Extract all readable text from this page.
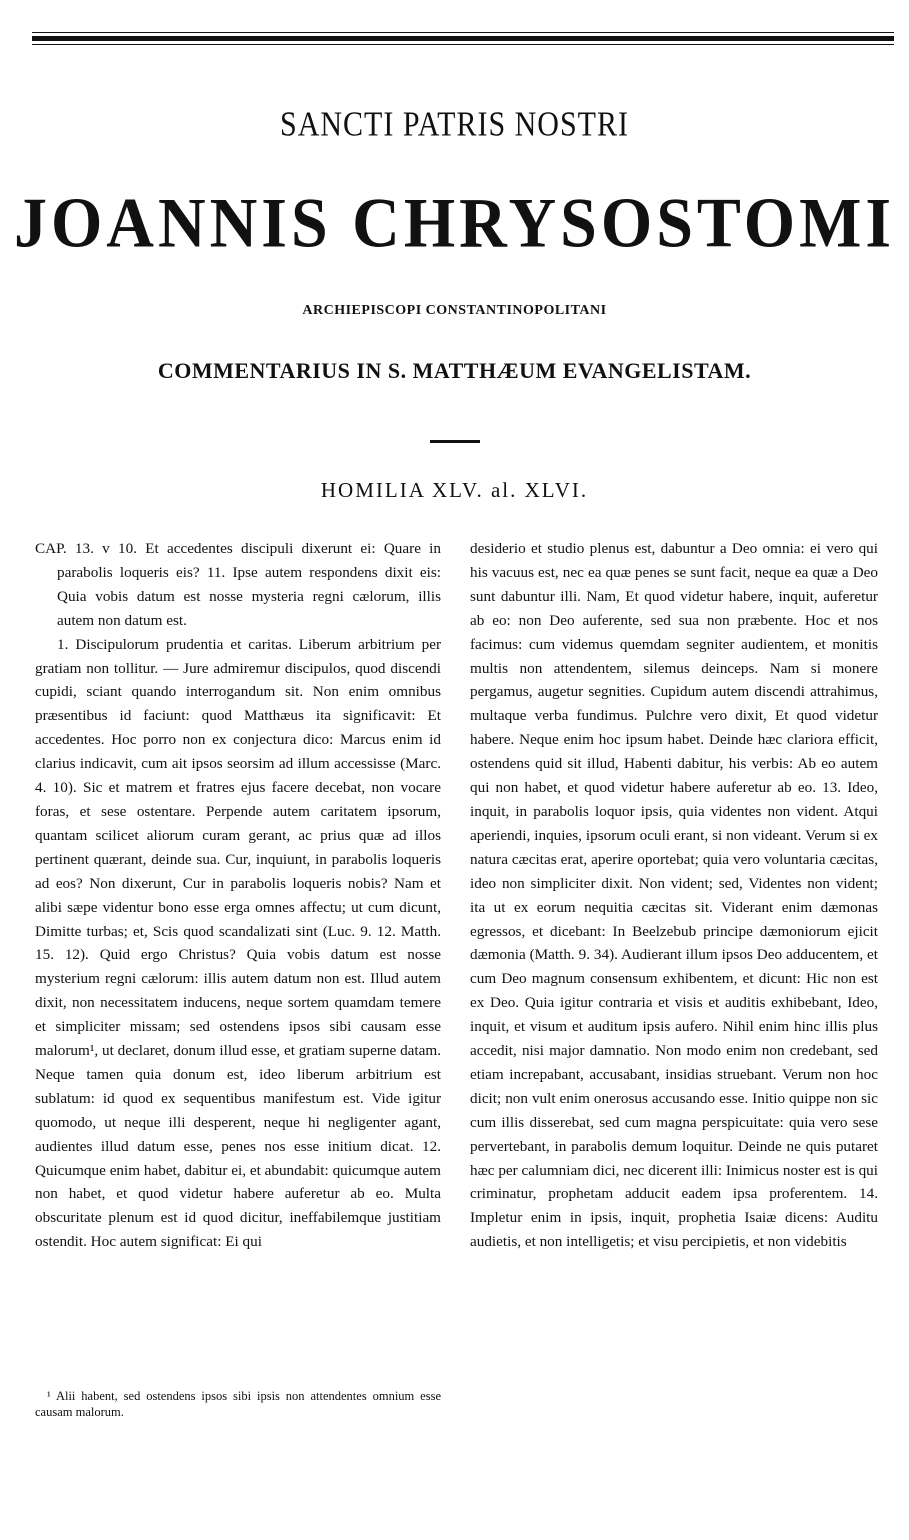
SANCTI PATRIS NOSTRI
JOANNIS CHRYSOSTOMI
ARCHIEPISCOPI CONSTANTINOPOLITANI
COMMENTARIUS IN S. MATTHÆUM EVANGELISTAM.
HOMILIA XLV. al. XLVI.

CAP. 13. v 10. Et accedentes discipuli dixerunt ei: Quare in parabolis loqueris eis? 11. Ipse autem respondens dixit eis: Quia vobis datum est nosse mysteria regni cælorum, illis autem non datum est.

1. Discipulorum prudentia et caritas. Liberum arbitrium per gratiam non tollitur. — Jure admiremur discipulos, quod discendi cupidi, sciant quando interrogandum sit. Non enim omnibus præsentibus id faciunt: quod Matthæus ita significavit: Et accedentes. Hoc porro non ex conjectura dico: Marcus enim id clarius indicavit, cum ait ipsos seorsim ad illum accessisse (Marc. 4. 10). Sic et matrem et fratres ejus facere decebat, non vocare foras, et sese ostentare. Perpende autem caritatem ipsorum, quantam scilicet aliorum curam gerant, ac prius quæ ad illos pertinent quærant, deinde sua. Cur, inquiunt, in parabolis loqueris ad eos? Non dixerunt, Cur in parabolis loqueris nobis? Nam et alibi sæpe videntur bono esse erga omnes affectu; ut cum dicunt, Dimitte turbas; et, Scis quod scandalizati sint (Luc. 9. 12. Matth. 15. 12). Quid ergo Christus? Quia vobis datum est nosse mysterium regni cælorum: illis autem datum non est. Illud autem dixit, non necessitatem inducens, neque sortem quamdam temere et simpliciter missam; sed ostendens ipsos sibi causam esse malorum¹, ut declaret, donum illud esse, et gratiam superne datam. Neque tamen quia donum est, ideo liberum arbitrium est sublatum: id quod ex sequentibus manifestum est. Vide igitur quomodo, ut neque illi desperent, neque hi negligenter agant, audientes illud datum esse, penes nos esse initium dicat. 12. Quicumque enim habet, dabitur ei, et abundabit: quicumque autem non habet, et quod videtur habere auferetur ab eo. Multa obscuritate plenum est id quod dicitur, ineffabilemque justitiam ostendit. Hoc autem significat: Ei qui

desiderio et studio plenus est, dabuntur a Deo omnia: ei vero qui his vacuus est, nec ea quæ penes se sunt facit, neque ea quæ a Deo sunt dabuntur illi. Nam, Et quod videtur habere, inquit, auferetur ab eo: non Deo auferente, sed sua non præbente. Hoc et nos facimus: cum videmus quemdam segniter audientem, et monitis multis non attendentem, silemus deinceps. Nam si monere pergamus, augetur segnities. Cupidum autem discendi attrahimus, multaque verba fundimus. Pulchre vero dixit, Et quod videtur habere. Neque enim hoc ipsum habet. Deinde hæc clariora efficit, ostendens quid sit illud, Habenti dabitur, his verbis: Ab eo autem qui non habet, et quod videtur habere auferetur ab eo. 13. Ideo, inquit, in parabolis loquor ipsis, quia videntes non vident. Atqui aperiendi, inquies, ipsorum oculi erant, si non videant. Verum si ex natura cæcitas erat, aperire oportebat; quia vero voluntaria cæcitas, ideo non simpliciter dixit. Non vident; sed, Videntes non vident; ita ut ex eorum nequitia cæcitas sit. Viderant enim dæmonas egressos, et dicebant: In Beelzebub principe dæmoniorum ejicit dæmonia (Matth. 9. 34). Audierant illum ipsos Deo adducentem, et cum Deo magnum consensum exhibentem, et dicunt: Hic non est ex Deo. Quia igitur contraria et visis et auditis exhibebant, Ideo, inquit, et visum et auditum ipsis aufero. Nihil enim hinc illis plus accedit, nisi major damnatio. Non modo enim non credebant, sed etiam increpabant, accusabant, insidias struebant. Verum non hoc dicit; non vult enim onerosus accusando esse. Initio quippe non sic cum illis disserebat, sed cum magna perspicuitate: quia vero sese pervertebant, in parabolis demum loquitur. Deinde ne quis putaret hæc per calumniam dici, nec dicerent illi: Inimicus noster est is qui criminatur, prophetam adducit eadem ipsa proferentem. 14. Impletur enim in ipsis, inquit, prophetia Isaiæ dicens: Auditu audietis, et non intelligetis; et visu percipietis, et non videbitis

¹ Alii habent, sed ostendens ipsos sibi ipsis non attendentes omnium esse causam malorum.
